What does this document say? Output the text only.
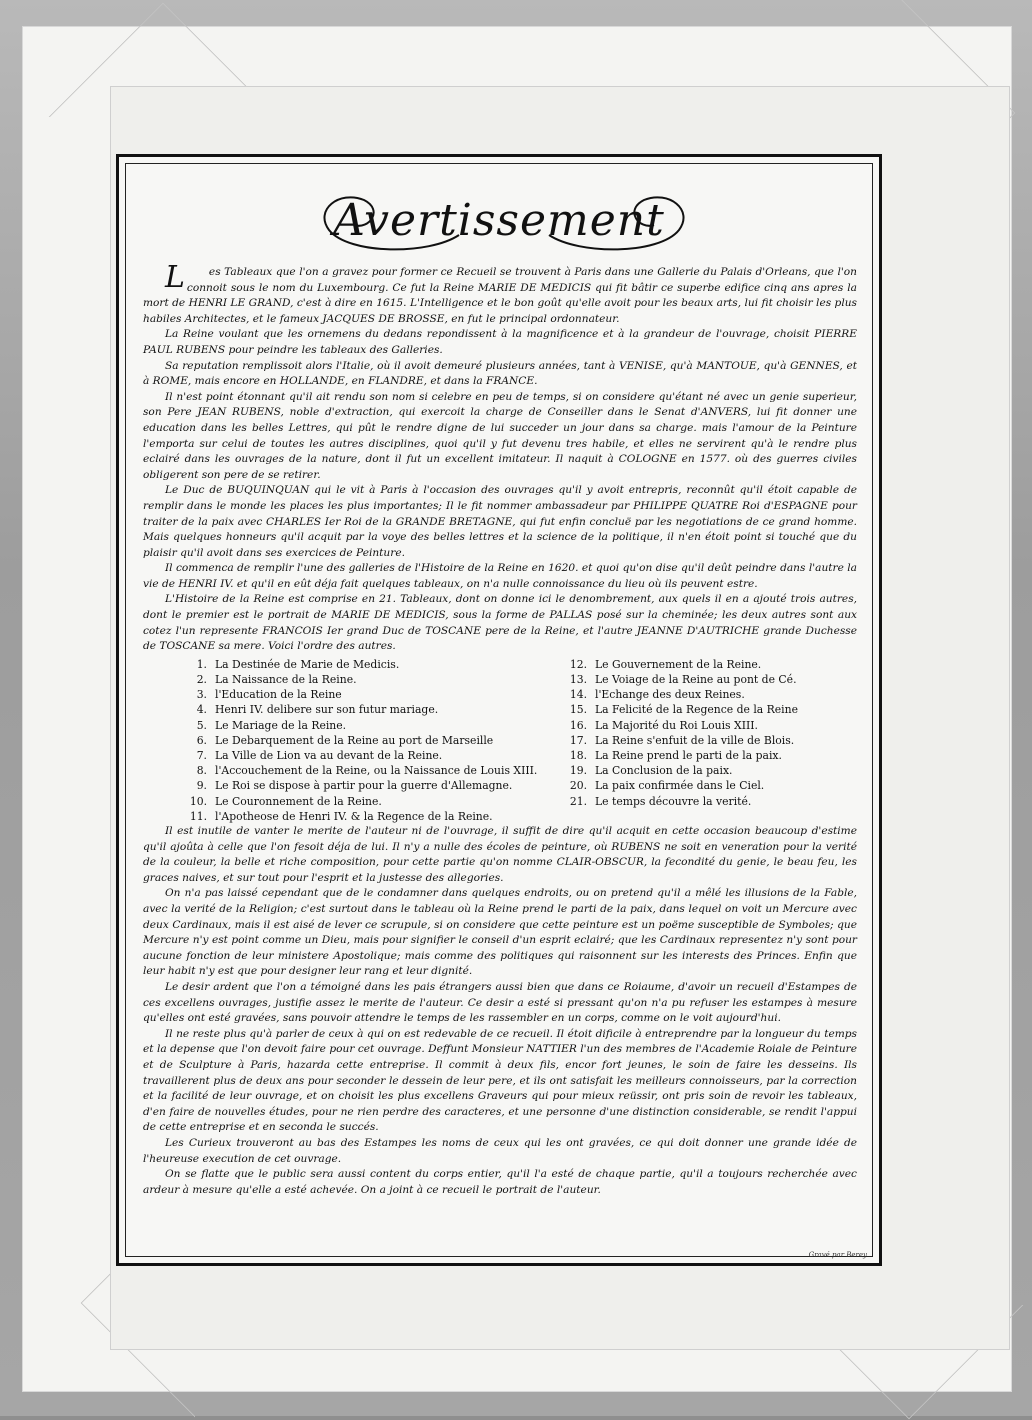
Avertissement

Les Tableaux que l'on a gravez pour former ce Recueil se trouvent à Paris dans une Gallerie du Palais d'Orleans, que l'on connoit sous le nom du Luxembourg. Ce fut la Reine MARIE DE MEDICIS qui fit bâtir ce superbe edifice cinq ans apres la mort de HENRI LE GRAND, c'est à dire en 1615. L'Intelligence et le bon goût qu'elle avoit pour les beaux arts, lui fit choisir les plus habiles Architectes, et le fameux JACQUES DE BROSSE, en fut le principal ordonnateur.

La Reine voulant que les ornemens du dedans repondissent à la magnificence et à la grandeur de l'ouvrage, choisit PIERRE PAUL RUBENS pour peindre les tableaux des Galleries.

Sa reputation remplissoit alors l'Italie, où il avoit demeuré plusieurs années, tant à VENISE, qu'à MANTOUE, qu'à GENNES, et à ROME, mais encore en HOLLANDE, en FLANDRE, et dans la FRANCE.

Il n'est point étonnant qu'il ait rendu son nom si celebre en peu de temps, si on considere qu'étant né avec un genie superieur, son Pere JEAN RUBENS, noble d'extraction, qui exercoit la charge de Conseiller dans le Senat d'ANVERS, lui fit donner une education dans les belles Lettres, qui pût le rendre digne de lui succeder un jour dans sa charge. mais l'amour de la Peinture l'emporta sur celui de toutes les autres disciplines, quoi qu'il y fut devenu tres habile, et elles ne servirent qu'à le rendre plus eclairé dans les ouvrages de la nature, dont il fut un excellent imitateur. Il naquit à COLOGNE en 1577. où des guerres civiles obligerent son pere de se retirer.

Le Duc de BUQUINQUAN qui le vit à Paris à l'occasion des ouvrages qu'il y avoit entrepris, reconnût qu'il étoit capable de remplir dans le monde les places les plus importantes; Il le fit nommer ambassadeur par PHILIPPE QUATRE Roi d'ESPAGNE pour traiter de la paix avec CHARLES Ier Roi de la GRANDE BRETAGNE, qui fut enfin concluë par les negotiations de ce grand homme. Mais quelques honneurs qu'il acquit par la voye des belles lettres et la science de la politique, il n'en étoit point si touché que du plaisir qu'il avoit dans ses exercices de Peinture.

Il commenca de remplir l'une des galleries de l'Histoire de la Reine en 1620. et quoi qu'on dise qu'il deût peindre dans l'autre la vie de HENRI IV. et qu'il en eût déja fait quelques tableaux, on n'a nulle connoissance du lieu où ils peuvent estre.

L'Histoire de la Reine est comprise en 21. Tableaux, dont on donne ici le denombrement, aux quels il en a ajouté trois autres, dont le premier est le portrait de MARIE DE MEDICIS, sous la forme de PALLAS posé sur la cheminée; les deux autres sont aux cotez l'un represente FRANCOIS Ier grand Duc de TOSCANE pere de la Reine, et l'autre JEANNE D'AUTRICHE grande Duchesse de TOSCANE sa mere. Voici l'ordre des autres.

1. La Destinée de Marie de Medicis.
2. La Naissance de la Reine.
3. l'Education de la Reine
4. Henri IV. delibere sur son futur mariage.
5. Le Mariage de la Reine.
6. Le Debarquement de la Reine au port de Marseille
7. La Ville de Lion va au devant de la Reine.
8. l'Accouchement de la Reine, ou la Naissance de Louis XIII.
9. Le Roi se dispose à partir pour la guerre d'Allemagne.
10. Le Couronnement de la Reine.
11. l'Apotheose de Henri IV. & la Regence de la Reine.
12. Le Gouvernement de la Reine.
13. Le Voiage de la Reine au pont de Cé.
14. l'Echange des deux Reines.
15. La Felicité de la Regence de la Reine
16. La Majorité du Roi Louis XIII.
17. La Reine s'enfuit de la ville de Blois.
18. La Reine prend le parti de la paix.
19. La Conclusion de la paix.
20. La paix confirmée dans le Ciel.
21. Le temps découvre la verité.

Il est inutile de vanter le merite de l'auteur ni de l'ouvrage, il suffit de dire qu'il acquit en cette occasion beaucoup d'estime qu'il ajoûta à celle que l'on fesoit déja de lui. Il n'y a nulle des écoles de peinture, où RUBENS ne soit en veneration pour la verité de la couleur, la belle et riche composition, pour cette partie qu'on nomme CLAIR-OBSCUR, la fecondité du genie, le beau feu, les graces naives, et sur tout pour l'esprit et la justesse des allegories.

On n'a pas laissé cependant que de le condamner dans quelques endroits, ou on pretend qu'il a mêlé les illusions de la Fable, avec la verité de la Religion; c'est surtout dans le tableau où la Reine prend le parti de la paix, dans lequel on voit un Mercure avec deux Cardinaux, mais il est aisé de lever ce scrupule, si on considere que cette peinture est un poëme susceptible de Symboles; que Mercure n'y est point comme un Dieu, mais pour signifier le conseil d'un esprit eclairé; que les Cardinaux representez n'y sont pour aucune fonction de leur ministere Apostolique; mais comme des politiques qui raisonnent sur les interests des Princes. Enfin que leur habit n'y est que pour designer leur rang et leur dignité.

Le desir ardent que l'on a témoigné dans les pais étrangers aussi bien que dans ce Roiaume, d'avoir un recueil d'Estampes de ces excellens ouvrages, justifie assez le merite de l'auteur. Ce desir a esté si pressant qu'on n'a pu refuser les estampes à mesure qu'elles ont esté gravées, sans pouvoir attendre le temps de les rassembler en un corps, comme on le voit aujourd'hui.

Il ne reste plus qu'à parler de ceux à qui on est redevable de ce recueil. Il étoit dificile à entreprendre par la longueur du temps et la depense que l'on devoit faire pour cet ouvrage. Deffunt Monsieur NATTIER l'un des membres de l'Academie Roiale de Peinture et de Sculpture à Paris, hazarda cette entreprise. Il commit à deux fils, encor fort jeunes, le soin de faire les desseins. Ils travaillerent plus de deux ans pour seconder le dessein de leur pere, et ils ont satisfait les meilleurs connoisseurs, par la correction et la facilité de leur ouvrage, et on choisit les plus excellens Graveurs qui pour mieux reüssir, ont pris soin de revoir les tableaux, d'en faire de nouvelles études, pour ne rien perdre des caracteres, et une personne d'une distinction considerable, se rendit l'appui de cette entreprise et en seconda le succés.

Les Curieux trouveront au bas des Estampes les noms de ceux qui les ont gravées, ce qui doit donner une grande idée de l'heureuse execution de cet ouvrage.

On se flatte que le public sera aussi content du corps entier, qu'il l'a esté de chaque partie, qu'il a toujours recherchée avec ardeur à mesure qu'elle a esté achevée. On a joint à ce recueil le portrait de l'auteur.

Gravé par Berey
